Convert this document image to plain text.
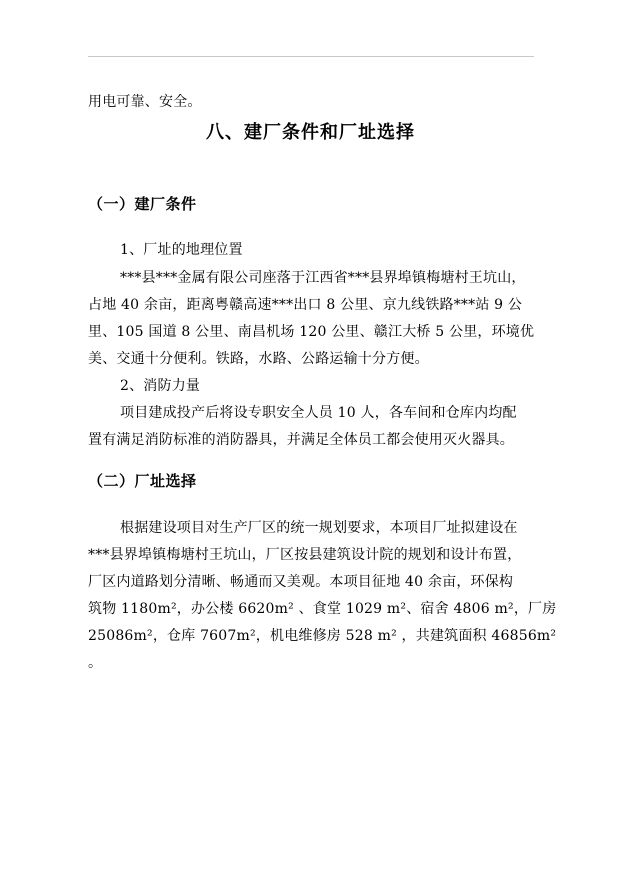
用电可靠、安全。
八、建厂条件和厂址选择
（一）建厂条件
1、厂址的地理位置
***县***金属有限公司座落于江西省***县界埠镇梅塘村王坑山，
占地 40 余亩，距离粤赣高速***出口 8 公里、京九线铁路***站 9 公
里、105 国道 8 公里、南昌机场 120 公里、赣江大桥 5 公里，环境优
美、交通十分便利。铁路，水路、公路运输十分方便。
2、消防力量
项目建成投产后将设专职安全人员 10 人，各车间和仓库内均配
置有满足消防标准的消防器具，并满足全体员工都会使用灭火器具。
（二）厂址选择
根据建设项目对生产厂区的统一规划要求，本项目厂址拟建设在
***县界埠镇梅塘村王坑山，厂区按县建筑设计院的规划和设计布置，
厂区内道路划分清晰、畅通而又美观。本项目征地 40 余亩，环保构
筑物 1180m²，办公楼 6620m² 、食堂 1029 m²、宿舍 4806 m²，厂房
25086m²，仓库 7607m²，机电维修房 528 m² ，共建筑面积 46856m²
。
